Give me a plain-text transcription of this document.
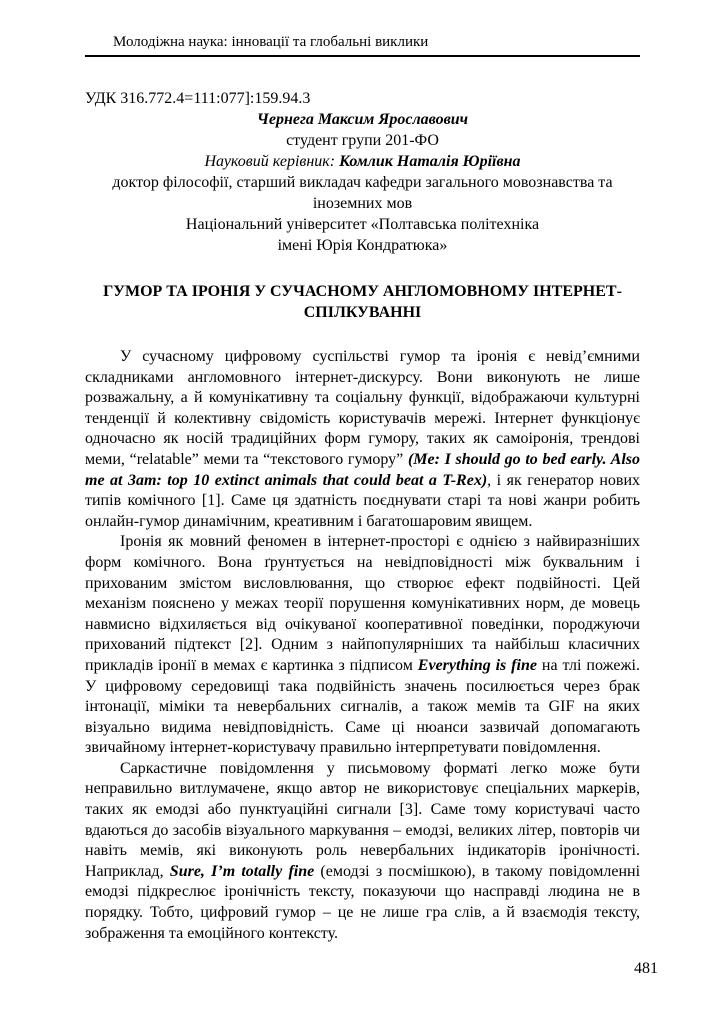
Молодіжна наука: інновації та глобальні виклики
УДК 316.772.4=111:077]:159.94.3
Чернега Максим Ярославович
студент групи 201-ФО
Науковий керівник: Комлик Наталія Юріївна
доктор філософії, старший викладач кафедри загального мовознавства та іноземних мов
Національний університет «Полтавська політехніка
імені Юрія Кондратюка»
ГУМОР ТА ІРОНІЯ У СУЧАСНОМУ АНГЛОМОВНОМУ ІНТЕРНЕТ-СПІЛКУВАННІ

У сучасному цифровому суспільстві гумор та іронія є невід’ємними складниками англомовного інтернет-дискурсу. Вони виконують не лише розважальну, а й комунікативну та соціальну функції, відображаючи культурні тенденції й колективну свідомість користувачів мережі. Інтернет функціонує одночасно як носій традиційних форм гумору, таких як самоіронія, трендові меми, “relatable” меми та “текстового гумору” (Me: I should go to bed early. Also me at 3am: top 10 extinct animals that could beat a T-Rex), і як генератор нових типів комічного [1]. Саме ця здатність поєднувати старі та нові жанри робить онлайн-гумор динамічним, креативним і багатошаровим явищем.

Іронія як мовний феномен в інтернет-просторі є однією з найвиразніших форм комічного. Вона ґрунтується на невідповідності між буквальним і прихованим змістом висловлювання, що створює ефект подвійності. Цей механізм пояснено у межах теорії порушення комунікативних норм, де мовець навмисно відхиляється від очікуваної кооперативної поведінки, породжуючи прихований підтекст [2]. Одним з найпопулярніших та найбільш класичних прикладів іронії в мемах є картинка з підписом Everything is fine на тлі пожежі. У цифровому середовищі така подвійність значень посилюється через брак інтонації, міміки та невербальних сигналів, а також мемів та GIF на яких візуально видима невідповідність. Саме ці нюанси зазвичай допомагають звичайному інтернет-користувачу правильно інтерпретувати повідомлення.

Саркастичне повідомлення у письмовому форматі легко може бути неправильно витлумачене, якщо автор не використовує спеціальних маркерів, таких як емодзі або пунктуаційні сигнали [3]. Саме тому користувачі часто вдаються до засобів візуального маркування – емодзі, великих літер, повторів чи навіть мемів, які виконують роль невербальних індикаторів іронічності. Наприклад, Sure, I’m totally fine (емодзі з посмішкою), в такому повідомленні емодзі підкреслює іронічність тексту, показуючи що насправді людина не в порядку. Тобто, цифровий гумор – це не лише гра слів, а й взаємодія тексту, зображення та емоційного контексту.

481
